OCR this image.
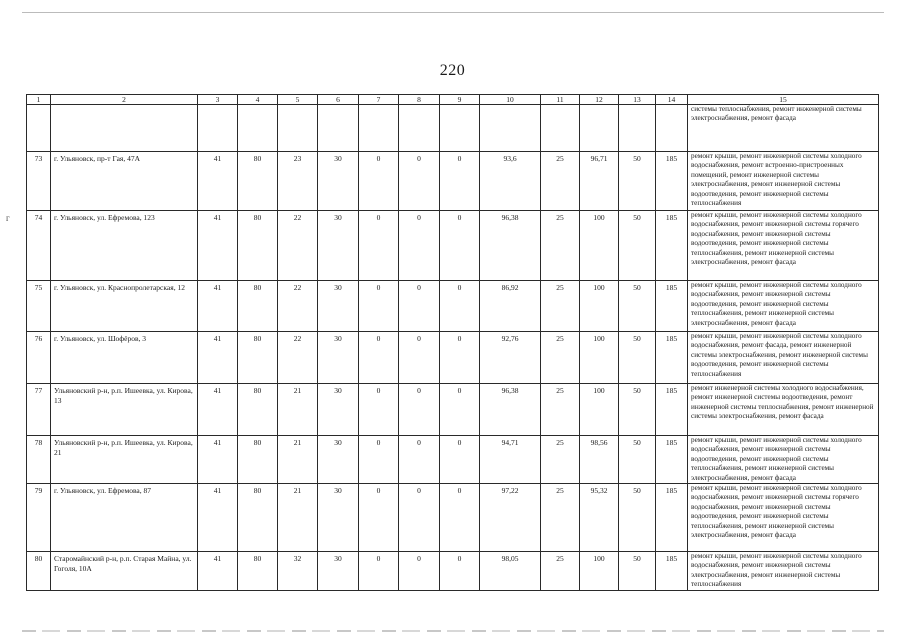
220
г
1	2	3	4	5	6	7	8	9	10	11	12	13	14	15
														системы теплоснабжения, ремонт инженерной системы электроснабжения, ремонт фасада
73	г. Ульяновск, пр-т Гая, 47А	41	80	23	30	0	0	0	93,6	25	96,71	50	185	ремонт крыши, ремонт инженерной системы холодного водоснабжения, ремонт встроенно-пристроенных помещений, ремонт инженерной системы электроснабжения, ремонт инженерной системы водоотведения, ремонт инженерной системы теплоснабжения
74	г. Ульяновск, ул. Ефремова, 123	41	80	22	30	0	0	0	96,38	25	100	50	185	ремонт крыши, ремонт инженерной системы холодного водоснабжения, ремонт инженерной системы горячего водоснабжения, ремонт инженерной системы водоотведения, ремонт инженерной системы теплоснабжения, ремонт инженерной системы электроснабжения, ремонт фасада
75	г. Ульяновск, ул. Краснопролетарская, 12	41	80	22	30	0	0	0	86,92	25	100	50	185	ремонт крыши, ремонт инженерной системы холодного водоснабжения, ремонт инженерной системы водоотведения, ремонт инженерной системы теплоснабжения, ремонт инженерной системы электроснабжения, ремонт фасада
76	г. Ульяновск, ул. Шофёров, 3	41	80	22	30	0	0	0	92,76	25	100	50	185	ремонт крыши, ремонт инженерной системы холодного водоснабжения, ремонт фасада, ремонт инженерной системы электроснабжения, ремонт инженерной системы водоотведения, ремонт инженерной системы теплоснабжения
77	Ульяновский р-н, р.п. Ишеевка, ул. Кирова, 13	41	80	21	30	0	0	0	96,38	25	100	50	185	ремонт инженерной системы холодного водоснабжения, ремонт инженерной системы водоотведения, ремонт инженерной системы теплоснабжения, ремонт инженерной системы электроснабжения, ремонт фасада
78	Ульяновский р-н, р.п. Ишеевка, ул. Кирова, 21	41	80	21	30	0	0	0	94,71	25	98,56	50	185	ремонт крыши, ремонт инженерной системы холодного водоснабжения, ремонт инженерной системы водоотведения, ремонт инженерной системы теплоснабжения, ремонт инженерной системы электроснабжения, ремонт фасада
79	г. Ульяновск, ул. Ефремова, 87	41	80	21	30	0	0	0	97,22	25	95,32	50	185	ремонт крыши, ремонт инженерной системы холодного водоснабжения, ремонт инженерной системы горячего водоснабжения, ремонт инженерной системы водоотведения, ремонт инженерной системы теплоснабжения, ремонт инженерной системы электроснабжения, ремонт фасада
80	Старомайнский р-н, р.п. Старая Майна, ул. Гоголя, 10А	41	80	32	30	0	0	0	98,05	25	100	50	185	ремонт крыши, ремонт инженерной системы холодного водоснабжения, ремонт инженерной системы электроснабжения, ремонт инженерной системы теплоснабжения
